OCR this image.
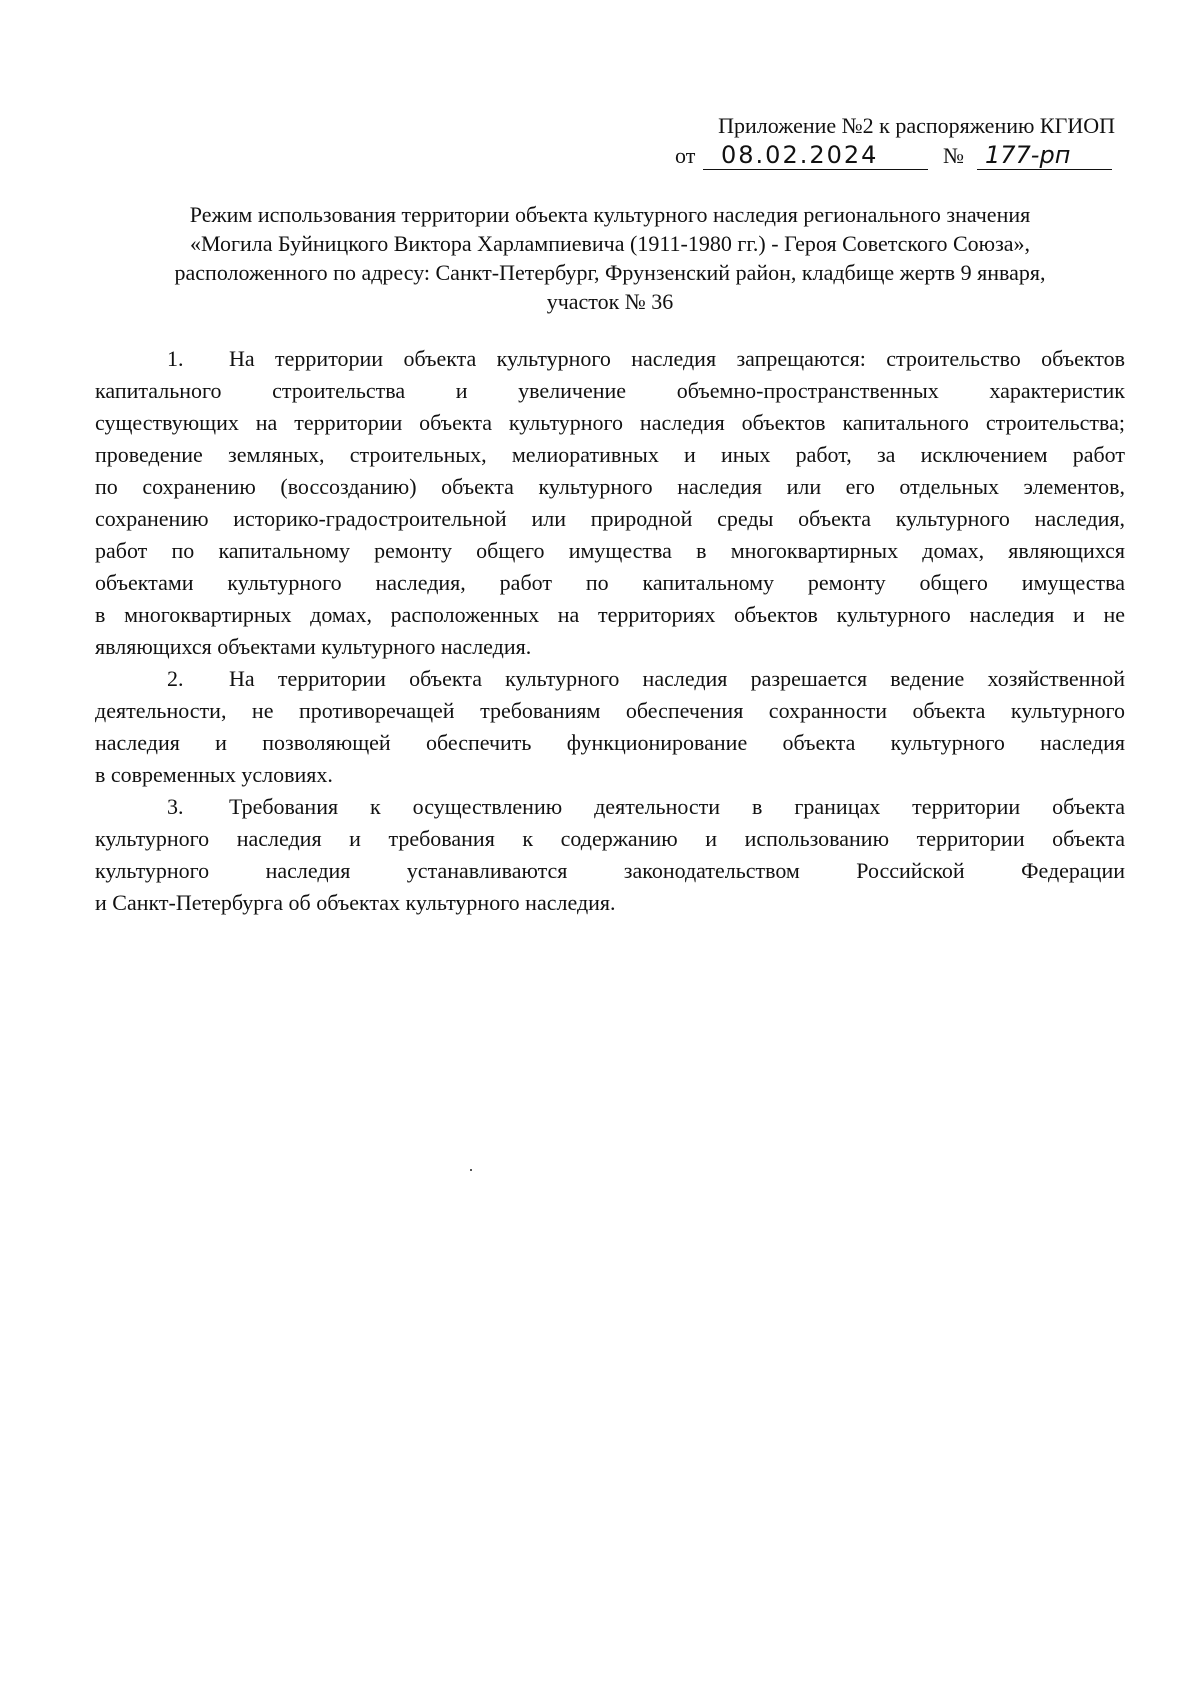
Приложение №2 к распоряжению КГИОП
от	08.02.2024	№ 177-рп
Режим использования территории объекта культурного наследия регионального значения
«Могила Буйницкого Виктора Харлампиевича (1911-1980 гг.) - Героя Советского Союза»,
расположенного по адресу: Санкт-Петербург, Фрунзенский район, кладбище жертв 9 января,
участок № 36
1. На территории объекта культурного наследия запрещаются: строительство объектов
капитального строительства и увеличение объемно-пространственных характеристик
существующих на территории объекта культурного наследия объектов капитального строительства;
проведение земляных, строительных, мелиоративных и иных работ, за исключением работ
по сохранению (воссозданию) объекта культурного наследия или его отдельных элементов,
сохранению историко-градостроительной или природной среды объекта культурного наследия,
работ по капитальному ремонту общего имущества в многоквартирных домах, являющихся
объектами культурного наследия, работ по капитальному ремонту общего имущества
в многоквартирных домах, расположенных на территориях объектов культурного наследия и не
являющихся объектами культурного наследия.
2. На территории объекта культурного наследия разрешается ведение хозяйственной
деятельности, не противоречащей требованиям обеспечения сохранности объекта культурного
наследия и позволяющей обеспечить функционирование объекта культурного наследия
в современных условиях.
3. Требования к осуществлению деятельности в границах территории объекта
культурного наследия и требования к содержанию и использованию территории объекта
культурного наследия устанавливаются законодательством Российской Федерации
и Санкт-Петербурга об объектах культурного наследия.
